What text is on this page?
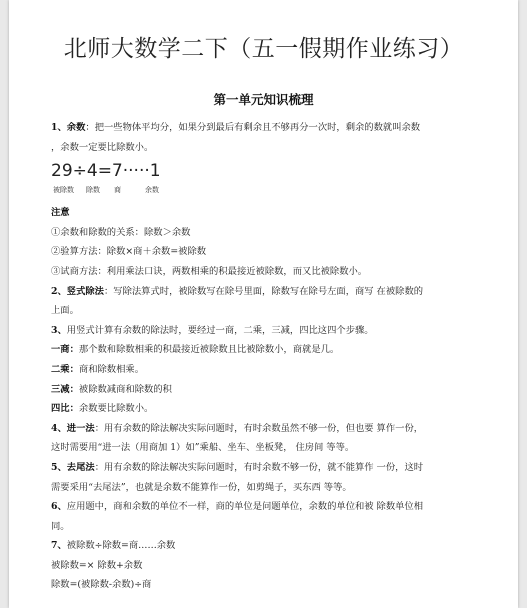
北师大数学二下（五一假期作业练习）
第一单元知识梳理

1、余数：把一些物体平均分，如果分到最后有剩余且不够再分一次时，剩余的数就叫余数

，余数一定要比除数小。

29÷4=7·····1
被除数 除数 商	余数

注意

①余数和除数的关系：除数＞余数

②验算方法：除数×商＋余数=被除数

③试商方法：利用乘法口诀，两数相乘的积最接近被除数，而又比被除数小。

2、竖式除法：写除法算式时，被除数写在除号里面，除数写在除号左面，商写 在被除数的

上面。

3、用竖式计算有余数的除法时，要经过一商，二乘，三减，四比这四个步骤。

一商：那个数和除数相乘的积最接近被除数且比被除数小，商就是几。

二乘：商和除数相乘。

三减：被除数减商和除数的积

四比：余数要比除数小。

4、进一法：用有余数的除法解决实际问题时，有时余数虽然不够一份，但也要 算作一份，

这时需要用“进一法（用商加 1）如”乘船、坐车、坐板凳， 住房间 等等。

5、去尾法：用有余数的除法解决实际问题时，有时余数不够一份，就不能算作 一份，这时

需要采用“去尾法”，也就是余数不能算作一份，如剪绳子，买东西 等等。

6、应用题中，商和余数的单位不一样，商的单位是问题单位，余数的单位和被 除数单位相

同。

7、被除数÷除数=商……余数

被除数=× 除数+余数

除数=(被除数-余数)÷商
